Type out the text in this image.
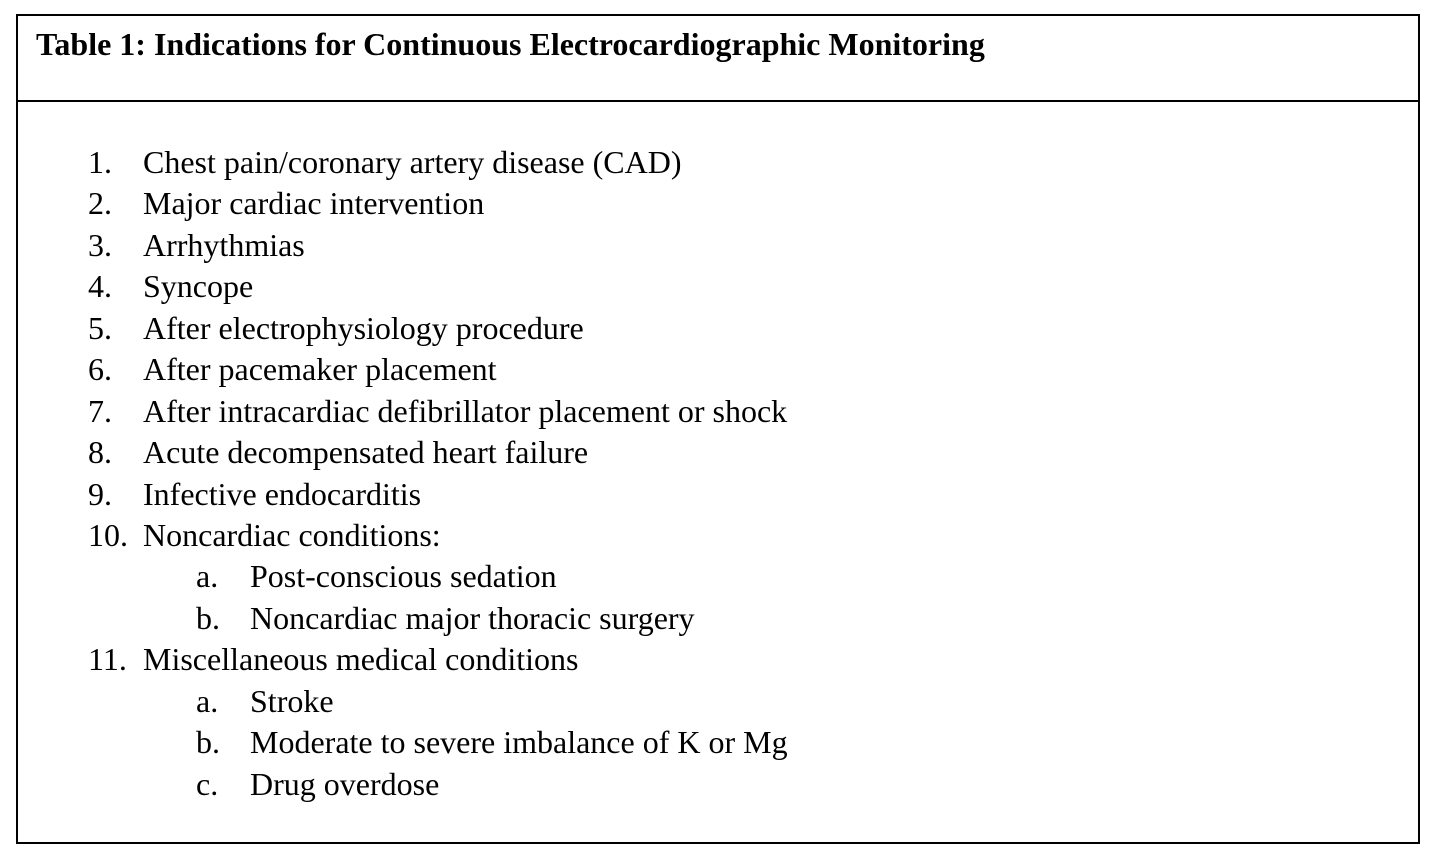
Table 1: Indications for Continuous Electrocardiographic Monitoring
1. Chest pain/coronary artery disease (CAD)
2. Major cardiac intervention
3. Arrhythmias
4. Syncope
5. After electrophysiology procedure
6. After pacemaker placement
7. After intracardiac defibrillator placement or shock
8. Acute decompensated heart failure
9. Infective endocarditis
10. Noncardiac conditions:
a. Post-conscious sedation
b. Noncardiac major thoracic surgery
11. Miscellaneous medical conditions
a. Stroke
b. Moderate to severe imbalance of K or Mg
c. Drug overdose
